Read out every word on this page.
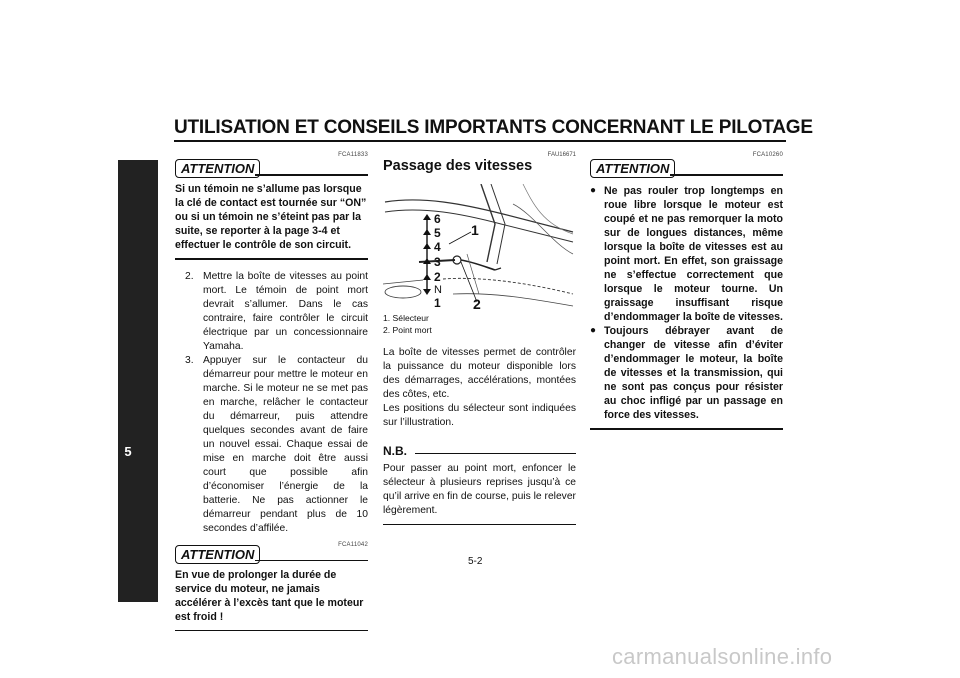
UTILISATION ET CONSEILS IMPORTANTS CONCERNANT LE PILOTAGE
5
ATTENTION
FCA11833

Si un témoin ne s’allume pas lorsque la clé de contact est tournée sur “ON” ou si un témoin ne s’éteint pas par la suite, se reporter à la page 3-4 et effectuer le contrôle de son circuit.

2. Mettre la boîte de vitesses au point mort. Le témoin de point mort devrait s’allumer. Dans le cas contraire, faire contrôler le circuit électrique par un concessionnaire Yamaha.
3. Appuyer sur le contacteur du démarreur pour mettre le moteur en marche. Si le moteur ne se met pas en marche, relâcher le contacteur du démarreur, puis attendre quelques secondes avant de faire un nouvel essai. Chaque essai de mise en marche doit être aussi court que possible afin d’économiser l’énergie de la batterie. Ne pas actionner le démarreur pendant plus de 10 secondes d’affilée.
ATTENTION
FCA11042

En vue de prolonger la durée de service du moteur, ne jamais accélérer à l’excès tant que le moteur est froid !

Passage des vitesses
FAU16671
6
5
4
3
2
N
1
1
2
1. Sélecteur
2. Point mort

La boîte de vitesses permet de contrôler la puissance du moteur disponible lors des démarrages, accélérations, montées des côtes, etc.

Les positions du sélecteur sont indiquées sur l’illustration.

N.B.

Pour passer au point mort, enfoncer le sélecteur à plusieurs reprises jusqu’à ce qu’il arrive en fin de course, puis le relever légèrement.

ATTENTION
FCA10260
● Ne pas rouler trop longtemps en roue libre lorsque le moteur est coupé et ne pas remorquer la moto sur de longues distances, même lorsque la boîte de vitesses est au point mort. En effet, son graissage ne s’effectue correctement que lorsque le moteur tourne. Un graissage insuffisant risque d’endommager la boîte de vitesses.
● Toujours débrayer avant de changer de vitesse afin d’éviter d’endommager le moteur, la boîte de vitesses et la transmission, qui ne sont pas conçus pour résister au choc infligé par un passage en force des vitesses.
5-2
carmanualsonline.info
